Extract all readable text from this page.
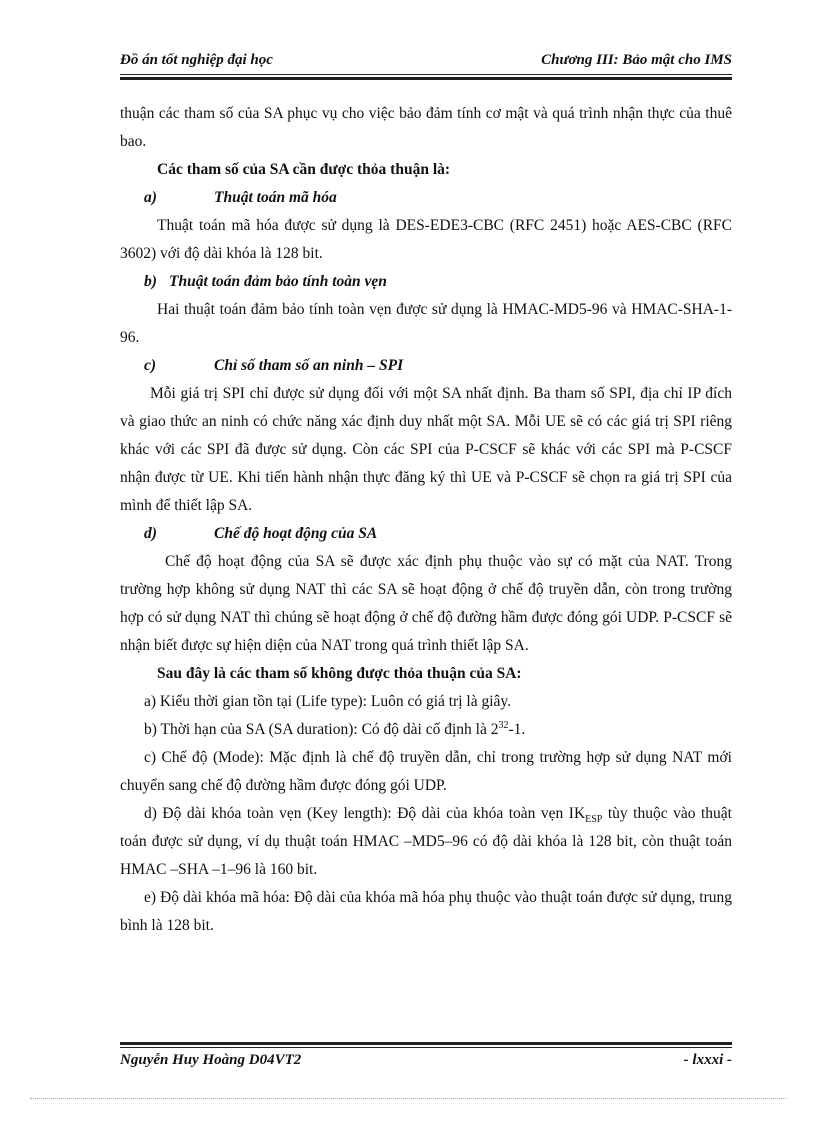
Đồ án tốt nghiệp đại học	Chương III: Bảo mật cho IMS

thuận các tham số của SA phục vụ cho việc bảo đảm tính cơ mật và quá trình nhận thực của thuê bao.

Các tham số của SA cần được thỏa thuận là:

a)	Thuật toán mã hóa

Thuật toán mã hóa được sử dụng là DES-EDE3-CBC (RFC 2451) hoặc AES-CBC (RFC 3602) với độ dài khóa là 128 bit.

b) Thuật toán đảm bảo tính toàn vẹn

Hai thuật toán đảm bảo tính toàn vẹn được sử dụng là HMAC-MD5-96 và HMAC-SHA-1-96.

c)	Chỉ số tham số an ninh – SPI

Mỗi giá trị SPI chỉ được sử dụng đối với một SA nhất định. Ba tham số SPI, địa chỉ IP đích và giao thức an ninh có chức năng xác định duy nhất một SA. Mỗi UE sẽ có các giá trị SPI riêng khác với các SPI đã được sử dụng. Còn các SPI của P-CSCF sẽ khác với các SPI mà P-CSCF nhận được từ UE. Khi tiến hành nhận thực đăng ký thì UE và P-CSCF sẽ chọn ra giá trị SPI của mình để thiết lập SA.

d)	Chế độ hoạt động của SA

Chế độ hoạt động của SA sẽ được xác định phụ thuộc vào sự có mặt của NAT. Trong trường hợp không sử dụng NAT thì các SA sẽ hoạt động ở chế độ truyền dẫn, còn trong trường hợp có sử dụng NAT thì chúng sẽ hoạt động ở chế độ đường hầm được đóng gói UDP. P-CSCF sẽ nhận biết được sự hiện diện của NAT trong quá trình thiết lập SA.

Sau đây là các tham số không được thỏa thuận của SA:

a) Kiểu thời gian tồn tại (Life type): Luôn có giá trị là giây.

b) Thời hạn của SA (SA duration): Có độ dài cố định là $2^{32}-1$.

c) Chế độ (Mode): Mặc định là chế độ truyền dẫn, chỉ trong trường hợp sử dụng NAT mới chuyển sang chế độ đường hầm được đóng gói UDP.

d) Độ dài khóa toàn vẹn (Key length): Độ dài của khóa toàn vẹn $IK_{ESP}$ tùy thuộc vào thuật toán được sử dụng, ví dụ thuật toán HMAC –MD5–96 có độ dài khóa là 128 bit, còn thuật toán HMAC –SHA –1–96 là 160 bit.

e) Độ dài khóa mã hóa: Độ dài của khóa mã hóa phụ thuộc vào thuật toán được sử dụng, trung bình là 128 bit.

Nguyễn Huy Hoàng D04VT2	- lxxxi -
